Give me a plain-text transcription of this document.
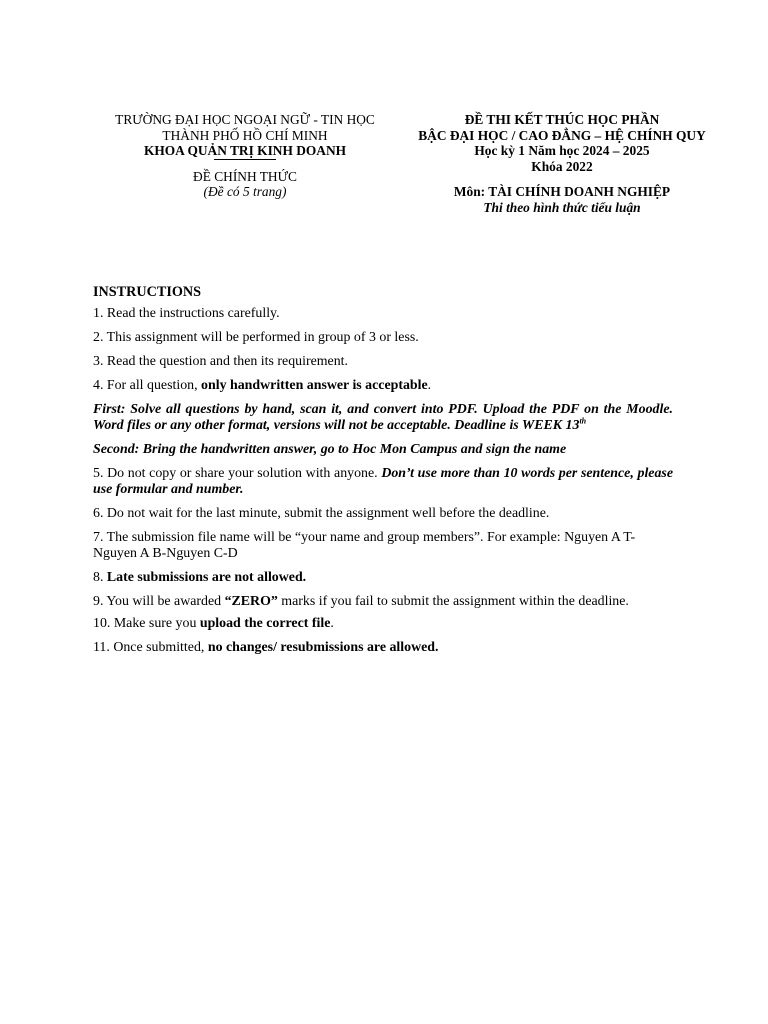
TRƯỜNG ĐẠI HỌC NGOẠI NGỮ - TIN HỌC
THÀNH PHỐ HỒ CHÍ MINH
KHOA QUẢN TRỊ KINH DOANH
ĐỀ CHÍNH THỨC
(Đề có 5 trang)
ĐỀ THI KẾT THÚC HỌC PHẦN
BẬC ĐẠI HỌC / CAO ĐẲNG – HỆ CHÍNH QUY
Học kỳ 1 Năm học 2024 – 2025
Khóa 2022
Môn: TÀI CHÍNH DOANH NGHIỆP
Thi theo hình thức tiểu luận

INSTRUCTIONS

1. Read the instructions carefully.

2. This assignment will be performed in group of 3 or less.

3. Read the question and then its requirement.

4. For all question, only handwritten answer is acceptable.

First: Solve all questions by hand, scan it, and convert into PDF. Upload the PDF on the Moodle. Word files or any other format, versions will not be acceptable. Deadline is WEEK 13th

Second: Bring the handwritten answer, go to Hoc Mon Campus and sign the name

5. Do not copy or share your solution with anyone. Don’t use more than 10 words per sentence, please use formular and number.

6. Do not wait for the last minute, submit the assignment well before the deadline.

7. The submission file name will be “your name and group members”. For example: Nguyen A T-Nguyen A B-Nguyen C-D

8. Late submissions are not allowed.

9. You will be awarded “ZERO” marks if you fail to submit the assignment within the deadline.

10. Make sure you upload the correct file.

11. Once submitted, no changes/ resubmissions are allowed.
